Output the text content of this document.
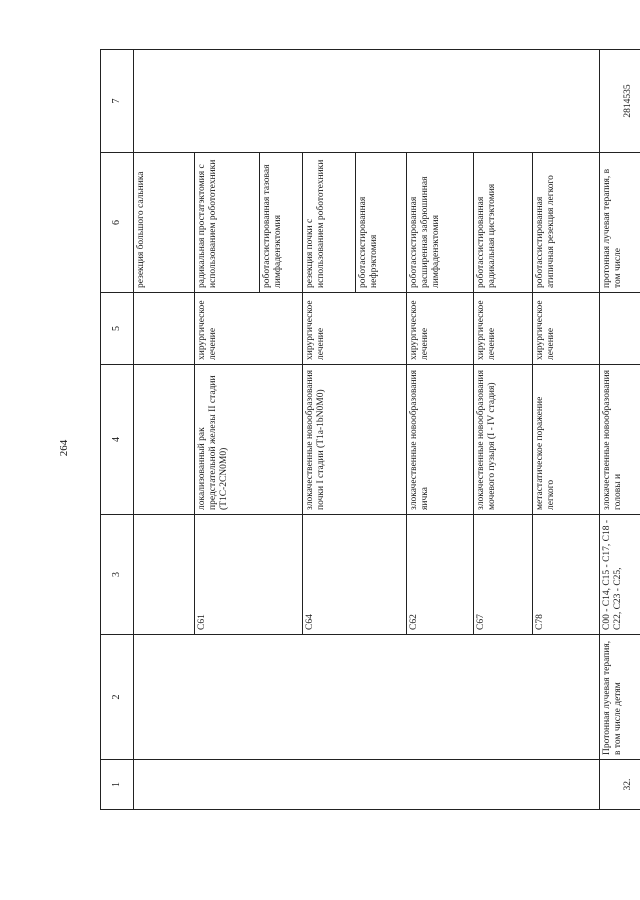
264
1	2	3	4	5	6	7
					резекция большого сальника	
		C61	локализованный рак предстательной железы II стадии (T1C-2CN0M0)	хирургическое лечение	радикальная простатэктомия с использованием робототехники	
					роботассистированная тазовая лимфаденэктомия	
		C64	злокачественные новообразования почки I стадии (T1a-1bN0M0)	хирургическое лечение	резекция почки с использованием робототехники	
					роботассистированная нефрэктомия	
		C62	злокачественные новообразования яичка	хирургическое лечение	роботассистированная расширенная забрюшинная лимфаденэктомия	
		C67	злокачественные новообразования мочевого пузыря (I - IV стадия)	хирургическое лечение	роботассистированная радикальная цистэктомия	
		C78	метастатическое поражение легкого	хирургическое лечение	роботассистированная атипичная резекция легкого	
32.	Протонная лучевая терапия, в том числе детям	C00 - C14, C15 - C17, C18 - C22, C23 - C25,	злокачественные новообразования головы и		протонная лучевая терапия, в том числе	2814535
